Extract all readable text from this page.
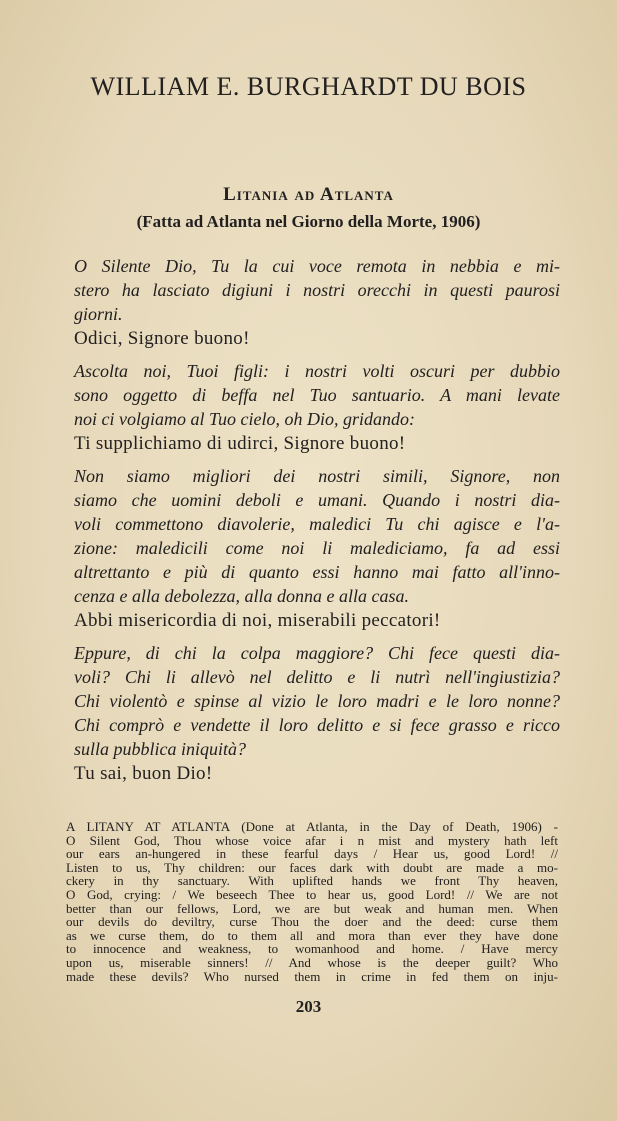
WILLIAM E. BURGHARDT DU BOIS
Litania ad Atlanta
(Fatta ad Atlanta nel Giorno della Morte, 1906)
O Silente Dio, Tu la cui voce remota in nebbia e mi-
stero ha lasciato digiuni i nostri orecchi in questi paurosi
giorni.
Odici, Signore buono!
Ascolta noi, Tuoi figli: i nostri volti oscuri per dubbio
sono oggetto di beffa nel Tuo santuario. A mani levate
noi ci volgiamo al Tuo cielo, oh Dio, gridando:
Ti supplichiamo di udirci, Signore buono!
Non siamo migliori dei nostri simili, Signore, non
siamo che uomini deboli e umani. Quando i nostri dia-
voli commettono diavolerie, maledici Tu chi agisce e l'a-
zione: maledicili come noi li malediciamo, fa ad essi
altrettanto e più di quanto essi hanno mai fatto all'inno-
cenza e alla debolezza, alla donna e alla casa.
Abbi misericordia di noi, miserabili peccatori!
Eppure, di chi la colpa maggiore? Chi fece questi dia-
voli? Chi li allevò nel delitto e li nutrì nell'ingiustizia?
Chi violentò e spinse al vizio le loro madri e le loro nonne?
Chi comprò e vendette il loro delitto e si fece grasso e ricco
sulla pubblica iniquità?
Tu sai, buon Dio!
A LITANY AT ATLANTA (Done at Atlanta, in the Day of Death, 1906) -
O Silent God, Thou whose voice afar i n mist and mystery hath left
our ears an-hungered in these fearful days / Hear us, good Lord! //
Listen to us, Thy children: our faces dark with doubt are made a mo-
ckery in thy sanctuary. With uplifted hands we front Thy heaven,
O God, crying: / We beseech Thee to hear us, good Lord! // We are not
better than our fellows, Lord, we are but weak and human men. When
our devils do deviltry, curse Thou the doer and the deed: curse them
as we curse them, do to them all and mora than ever they have done
to innocence and weakness, to womanhood and home. / Have mercy
upon us, miserable sinners! // And whose is the deeper guilt? Who
made these devils? Who nursed them in crime in fed them on inju-
203
